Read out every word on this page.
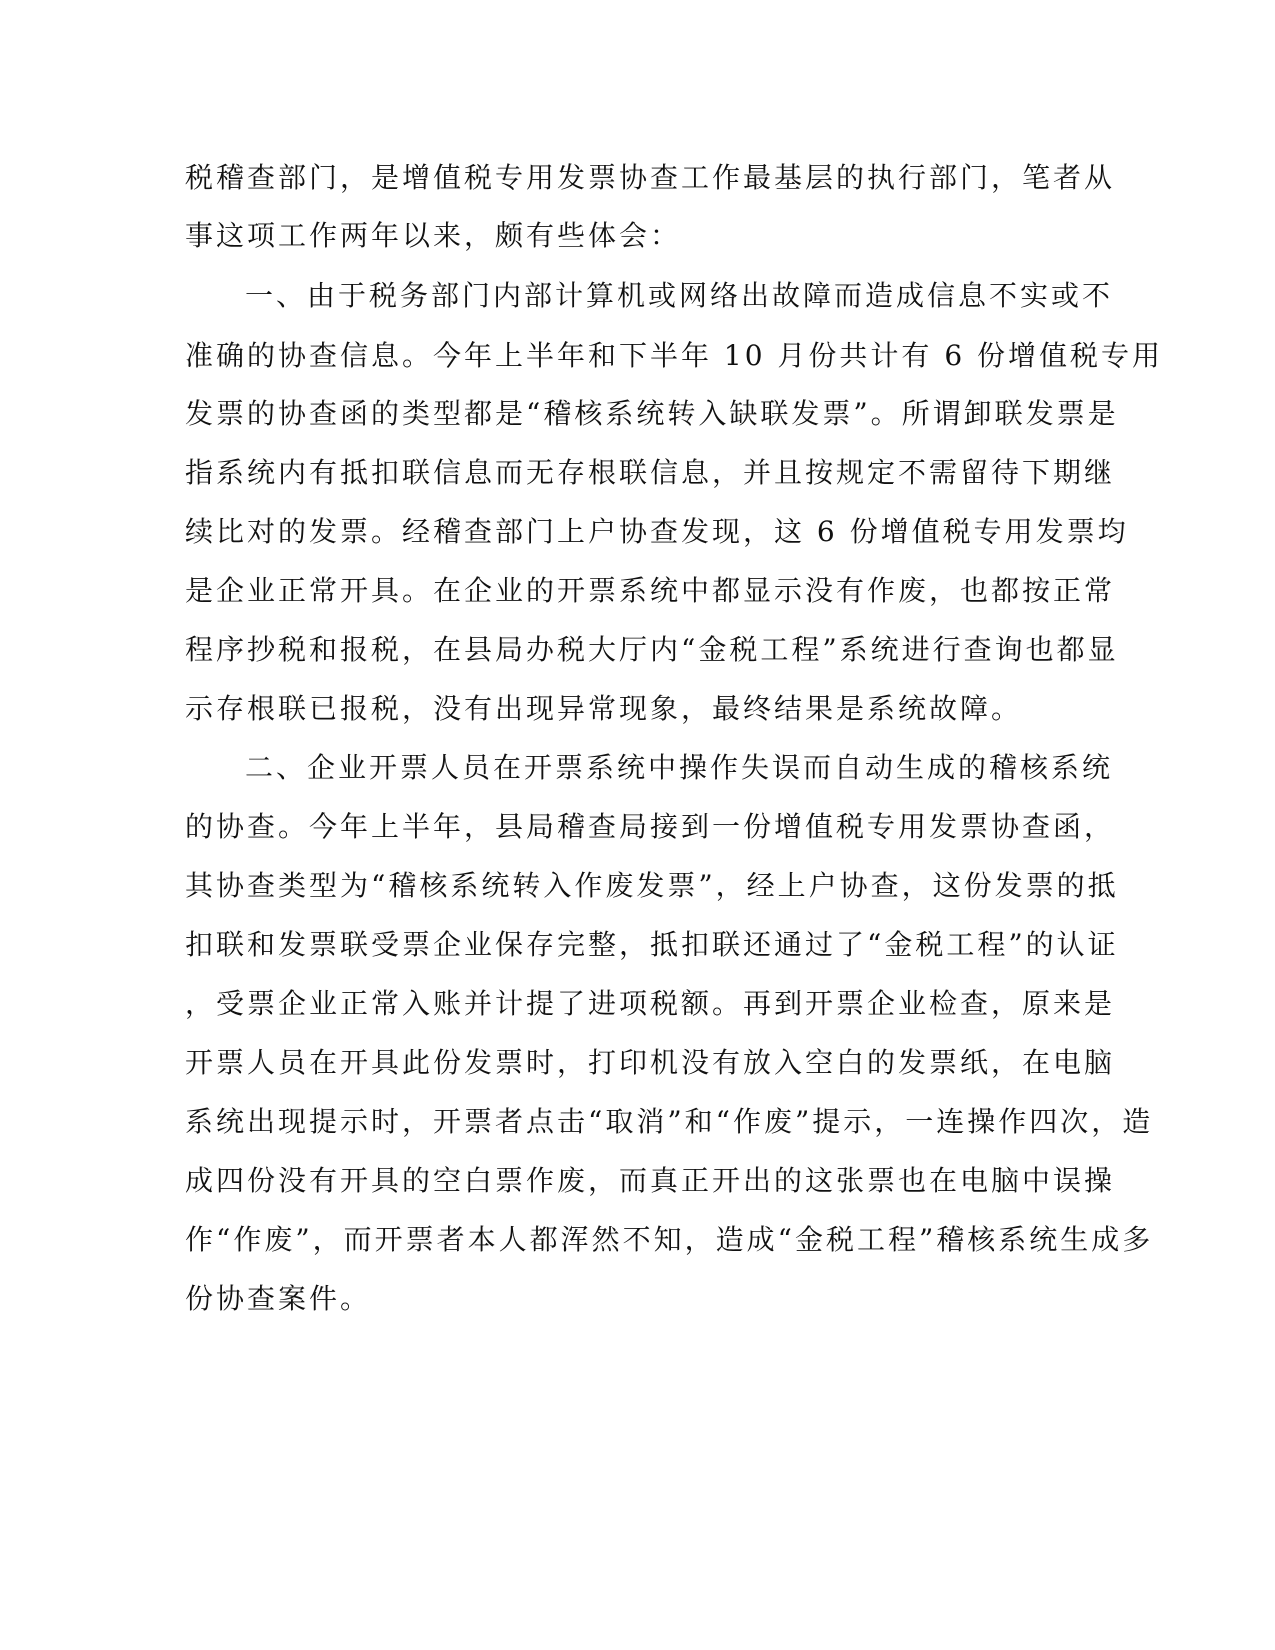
税稽查部门，是增值税专用发票协查工作最基层的执行部门，笔者从
事这项工作两年以来，颇有些体会：
一、由于税务部门内部计算机或网络出故障而造成信息不实或不
准确的协查信息。今年上半年和下半年 10 月份共计有 6 份增值税专用
发票的协查函的类型都是“稽核系统转入缺联发票”。所谓卸联发票是
指系统内有抵扣联信息而无存根联信息，并且按规定不需留待下期继
续比对的发票。经稽查部门上户协查发现，这 6 份增值税专用发票均
是企业正常开具。在企业的开票系统中都显示没有作废，也都按正常
程序抄税和报税，在县局办税大厅内“金税工程”系统进行查询也都显
示存根联已报税，没有出现异常现象，最终结果是系统故障。
二、企业开票人员在开票系统中操作失误而自动生成的稽核系统
的协查。今年上半年，县局稽查局接到一份增值税专用发票协查函，
其协查类型为“稽核系统转入作废发票”，经上户协查，这份发票的抵
扣联和发票联受票企业保存完整，抵扣联还通过了“金税工程”的认证
，受票企业正常入账并计提了进项税额。再到开票企业检查，原来是
开票人员在开具此份发票时，打印机没有放入空白的发票纸，在电脑
系统出现提示时，开票者点击“取消”和“作废”提示，一连操作四次，造
成四份没有开具的空白票作废，而真正开出的这张票也在电脑中误操
作“作废”，而开票者本人都浑然不知，造成“金税工程”稽核系统生成多
份协查案件。
